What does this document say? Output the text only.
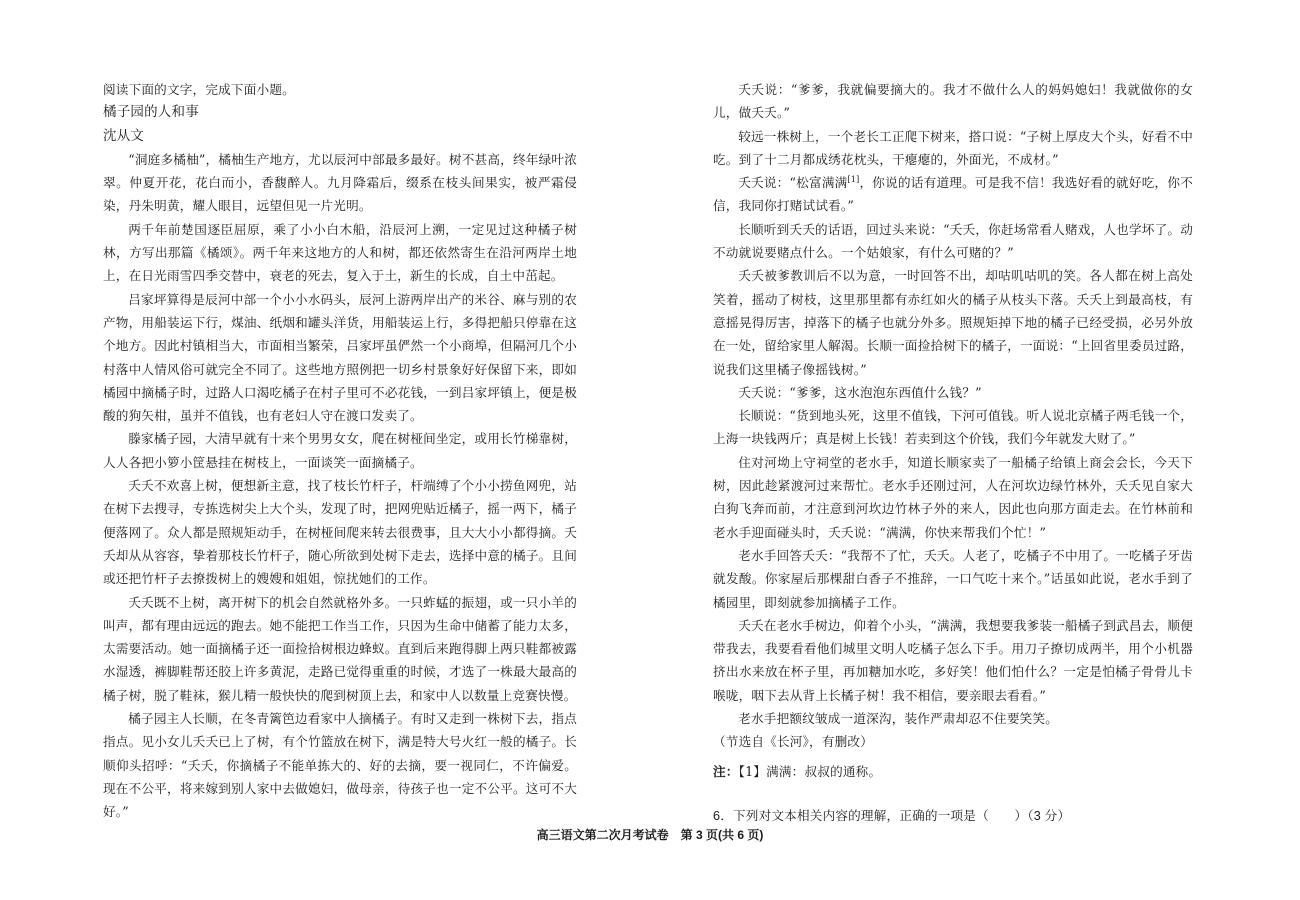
阅读下面的文字，完成下面小题。

橘子园的人和事

沈从文

“洞庭多橘柚”，橘柚生产地方，尤以辰河中部最多最好。树不甚高，终年绿叶浓翠。仲夏开花，花白而小，香馥醉人。九月降霜后，缀系在枝头间果实，被严霜侵染，丹朱明黄，耀人眼目，远望但见一片光明。

两千年前楚国逐臣屈原，乘了小小白木船，沿辰河上溯，一定见过这种橘子树林，方写出那篇《橘颂》。两千年来这地方的人和树，都还依然寄生在沿河两岸土地上，在日光雨雪四季交替中，衰老的死去，复入于土，新生的长成，自土中茁起。

吕家坪算得是辰河中部一个小小水码头，辰河上游两岸出产的米谷、麻与别的农产物，用船装运下行，煤油、纸烟和罐头洋货，用船装运上行，多得把船只停靠在这个地方。因此村镇相当大，市面相当繁荣，吕家坪虽俨然一个小商埠，但隔河几个小村落中人情风俗可就完全不同了。这些地方照例把一切乡村景象好好保留下来，即如橘园中摘橘子时，过路人口渴吃橘子在村子里可不必花钱，一到吕家坪镇上，便是极酸的狗矢柑，虽并不值钱，也有老妇人守在渡口发卖了。

滕家橘子园，大清早就有十来个男男女女，爬在树桠间坐定，或用长竹梯靠树，人人各把小箩小筐悬挂在树枝上，一面谈笑一面摘橘子。

夭夭不欢喜上树，便想新主意，找了枝长竹杆子，杆端缚了个小小捞鱼网兜，站在树下去搜寻，专拣选树尖上大个头，发现了时，把网兜贴近橘子，摇一两下，橘子便落网了。众人都是照规矩动手，在树桠间爬来转去很费事，且大大小小都得摘。夭夭却从从容容，挚着那枝长竹杆子，随心所欲到处树下走去，选择中意的橘子。且间或还把竹杆子去撩拨树上的嫂嫂和姐姐，惊扰她们的工作。

夭夭既不上树，离开树下的机会自然就格外多。一只蚱蜢的振翅，或一只小羊的叫声，都有理由远远的跑去。她不能把工作当工作，只因为生命中储蓄了能力太多，太需要活动。她一面摘橘子还一面捡拾树根边蜂蚁。直到后来跑得脚上两只鞋都被露水湿透，裤脚鞋帮还胶上许多黄泥，走路已觉得重重的时候，才选了一株最大最高的橘子树，脱了鞋袜，猴儿精一般快快的爬到树顶上去，和家中人以数量上竞赛快慢。

橘子园主人长顺，在冬青篱笆边看家中人摘橘子。有时又走到一株树下去，指点指点。见小女儿夭夭已上了树，有个竹篮放在树下，满是特大号火红一般的橘子。长顺仰头招呼：“夭夭，你摘橘子不能单拣大的、好的去摘，要一视同仁，不许偏爱。现在不公平，将来嫁到别人家中去做媳妇，做母亲，待孩子也一定不公平。这可不大好。”

夭夭说：“爹爹，我就偏要摘大的。我才不做什么人的妈妈媳妇！我就做你的女儿，做夭夭。”

较远一株树上，一个老长工正爬下树来，搭口说：“子树上厚皮大个头，好看不中吃。到了十二月都成绣花枕头，干瘪瘪的，外面光，不成材。”

夭夭说：“松富满满[1]，你说的话有道理。可是我不信！我选好看的就好吃，你不信，我同你打赌试试看。”

长顺听到夭夭的话语，回过头来说：“夭夭，你赶场常看人赌戏，人也学坏了。动不动就说要赌点什么。一个姑娘家，有什么可赌的？”

夭夭被爹教训后不以为意，一时回答不出，却咕叽咕叽的笑。各人都在树上高处笑着，摇动了树枝，这里那里都有赤红如火的橘子从枝头下落。夭夭上到最高枝，有意摇晃得厉害，掉落下的橘子也就分外多。照规矩掉下地的橘子已经受损，必另外放在一处，留给家里人解渴。长顺一面捡拾树下的橘子，一面说：“上回省里委员过路，说我们这里橘子像摇钱树。”

夭夭说：“爹爹，这水泡泡东西值什么钱？”

长顺说：“货到地头死，这里不值钱，下河可值钱。听人说北京橘子两毛钱一个，上海一块钱两斤；真是树上长钱！若卖到这个价钱，我们今年就发大财了。”

住对河坳上守祠堂的老水手，知道长顺家卖了一船橘子给镇上商会会长，今天下树，因此趁紧渡河过来帮忙。老水手还刚过河，人在河坎边绿竹林外，夭夭见自家大白狗飞奔而前，才注意到河坎边竹林子外的来人，因此也向那方面走去。在竹林前和老水手迎面碰头时，夭夭说：“满满，你快来帮我们个忙！”

老水手回答夭夭：“我帮不了忙，夭夭。人老了，吃橘子不中用了。一吃橘子牙齿就发酸。你家屋后那棵甜白香子不推辞，一口气吃十来个。”话虽如此说，老水手到了橘园里，即刻就参加摘橘子工作。

夭夭在老水手树边，仰着个小头，“满满，我想要我爹装一船橘子到武昌去，顺便带我去，我要看看他们城里文明人吃橘子怎么下手。用刀子撩切成两半，用个小机器挤出水来放在杯子里，再加糖加水吃，多好笑！他们怕什么？一定是怕橘子骨骨儿卡喉咙，咽下去从背上长橘子树！我不相信，要亲眼去看看。”

老水手把额纹皱成一道深沟，装作严肃却忍不住要笑笑。

（节选自《长河》，有删改）

注：【1】满满：叔叔的通称。

6．下列对文本相关内容的理解，正确的一项是（　　）（3 分）

高三语文第二次月考试卷　第 3 页(共 6 页)
